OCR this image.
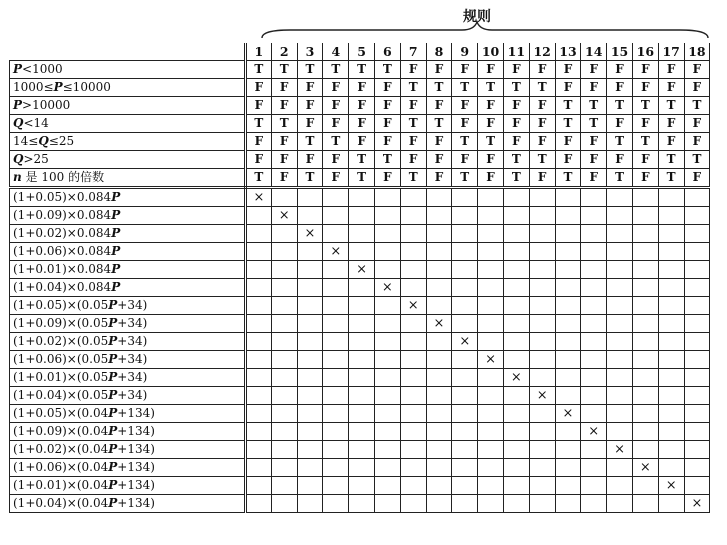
规则
	1	2	3	4	5	6	7	8	9	10	11	12	13	14	15	16	17	18
P<1000	T	T	T	T	T	T	F	F	F	F	F	F	F	F	F	F	F	F
1000≤P≤10000	F	F	F	F	F	F	T	T	T	T	T	T	F	F	F	F	F	F
P>10000	F	F	F	F	F	F	F	F	F	F	F	F	T	T	T	T	T	T
Q<14	T	T	F	F	F	F	T	T	F	F	F	F	T	T	F	F	F	F
14≤Q≤25	F	F	T	T	F	F	F	F	T	T	F	F	F	F	T	T	F	F
Q>25	F	F	F	F	T	T	F	F	F	F	T	T	F	F	F	F	T	T
n 是 100 的倍数	T	F	T	F	T	F	T	F	T	F	T	F	T	F	T	F	T	F
(1+0.05)×0.084P	×																	
(1+0.09)×0.084P		×																
(1+0.02)×0.084P			×															
(1+0.06)×0.084P				×														
(1+0.01)×0.084P					×													
(1+0.04)×0.084P						×												
(1+0.05)×(0.05P+34)							×											
(1+0.09)×(0.05P+34)								×										
(1+0.02)×(0.05P+34)									×									
(1+0.06)×(0.05P+34)										×								
(1+0.01)×(0.05P+34)											×							
(1+0.04)×(0.05P+34)												×						
(1+0.05)×(0.04P+134)													×					
(1+0.09)×(0.04P+134)														×				
(1+0.02)×(0.04P+134)															×			
(1+0.06)×(0.04P+134)																×		
(1+0.01)×(0.04P+134)																	×	
(1+0.04)×(0.04P+134)																		×
